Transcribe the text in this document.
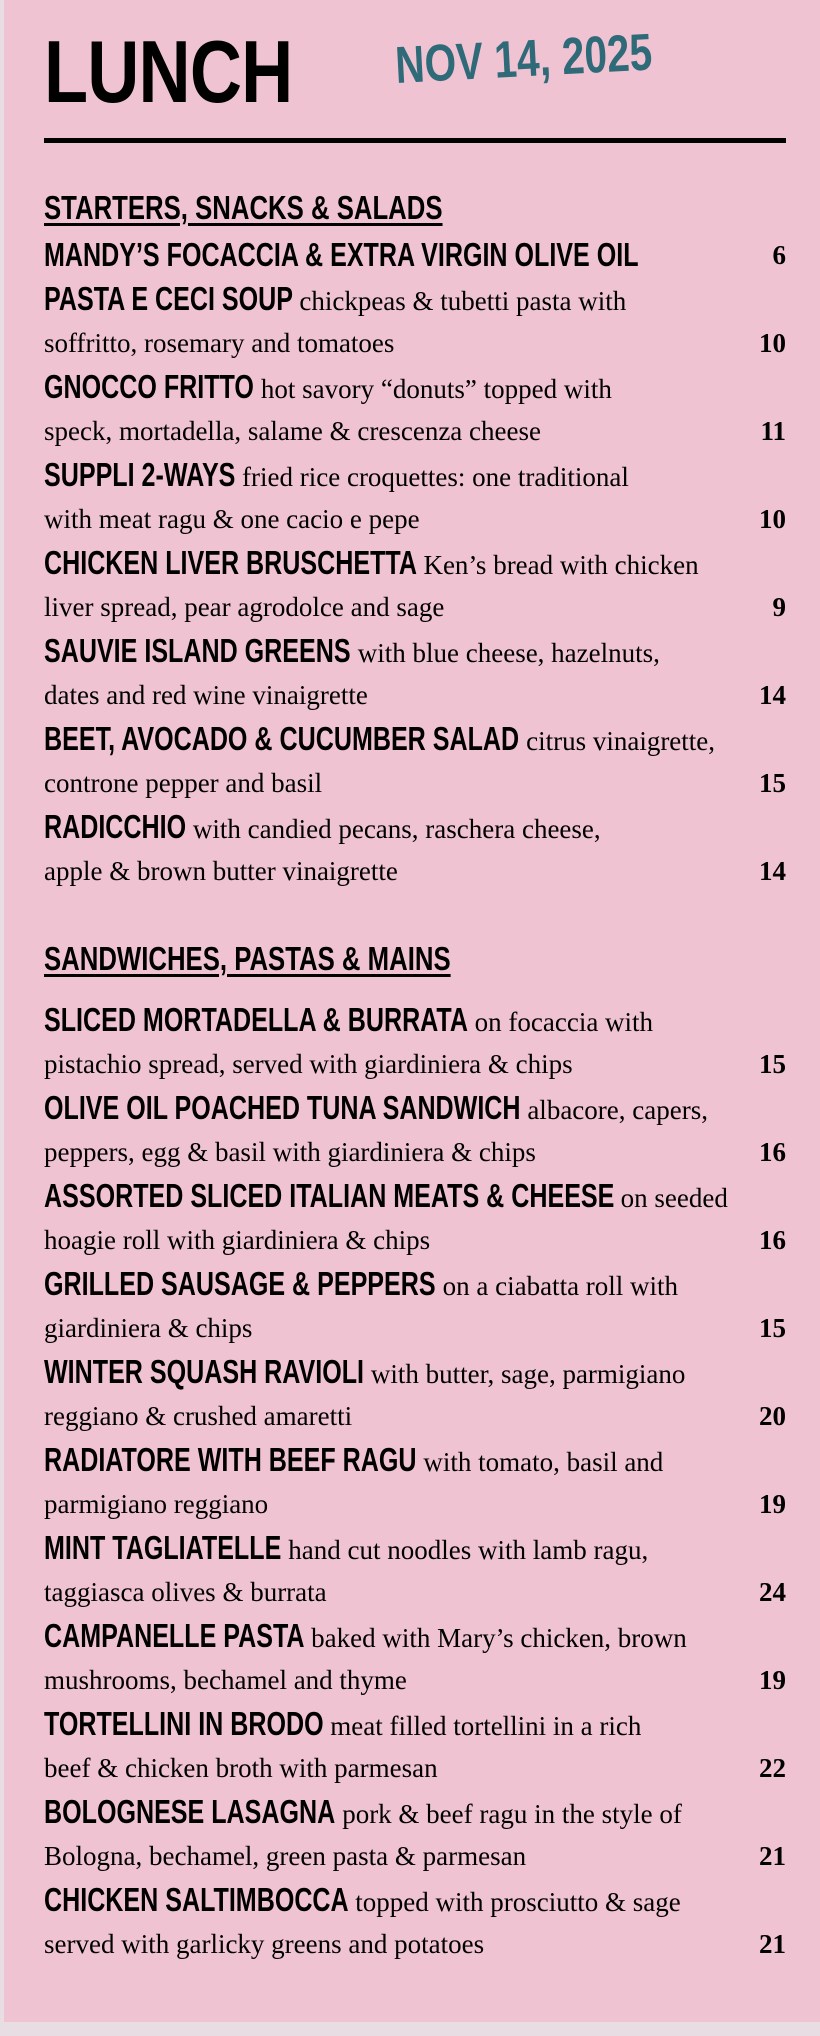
LUNCH NOV 14, 2025
STARTERS, SNACKS & SALADS
MANDY’S FOCACCIA & EXTRA VIRGIN OLIVE OIL	6
PASTA E CECI SOUP chickpeas & tubetti pasta with
soffritto, rosemary and tomatoes	10
GNOCCO FRITTO hot savory “donuts” topped with
speck, mortadella, salame & crescenza cheese	11
SUPPLI 2-WAYS fried rice croquettes: one traditional
with meat ragu & one cacio e pepe	10
CHICKEN LIVER BRUSCHETTA Ken’s bread with chicken
liver spread, pear agrodolce and sage	9
SAUVIE ISLAND GREENS with blue cheese, hazelnuts,
dates and red wine vinaigrette	14
BEET, AVOCADO & CUCUMBER SALAD citrus vinaigrette,
controne pepper and basil	15
RADICCHIO with candied pecans, raschera cheese,
apple & brown butter vinaigrette	14
SANDWICHES, PASTAS & MAINS
SLICED MORTADELLA & BURRATA on focaccia with
pistachio spread, served with giardiniera & chips	15
OLIVE OIL POACHED TUNA SANDWICH albacore, capers,
peppers, egg & basil with giardiniera & chips	16
ASSORTED SLICED ITALIAN MEATS & CHEESE on seeded
hoagie roll with giardiniera & chips	16
GRILLED SAUSAGE & PEPPERS on a ciabatta roll with
giardiniera & chips	15
WINTER SQUASH RAVIOLI with butter, sage, parmigiano
reggiano & crushed amaretti	20
RADIATORE WITH BEEF RAGU with tomato, basil and
parmigiano reggiano	19
MINT TAGLIATELLE hand cut noodles with lamb ragu,
taggiasca olives & burrata	24
CAMPANELLE PASTA baked with Mary’s chicken, brown
mushrooms, bechamel and thyme	19
TORTELLINI IN BRODO meat filled tortellini in a rich
beef & chicken broth with parmesan	22
BOLOGNESE LASAGNA pork & beef ragu in the style of
Bologna, bechamel, green pasta & parmesan	21
CHICKEN SALTIMBOCCA topped with prosciutto & sage
served with garlicky greens and potatoes	21
